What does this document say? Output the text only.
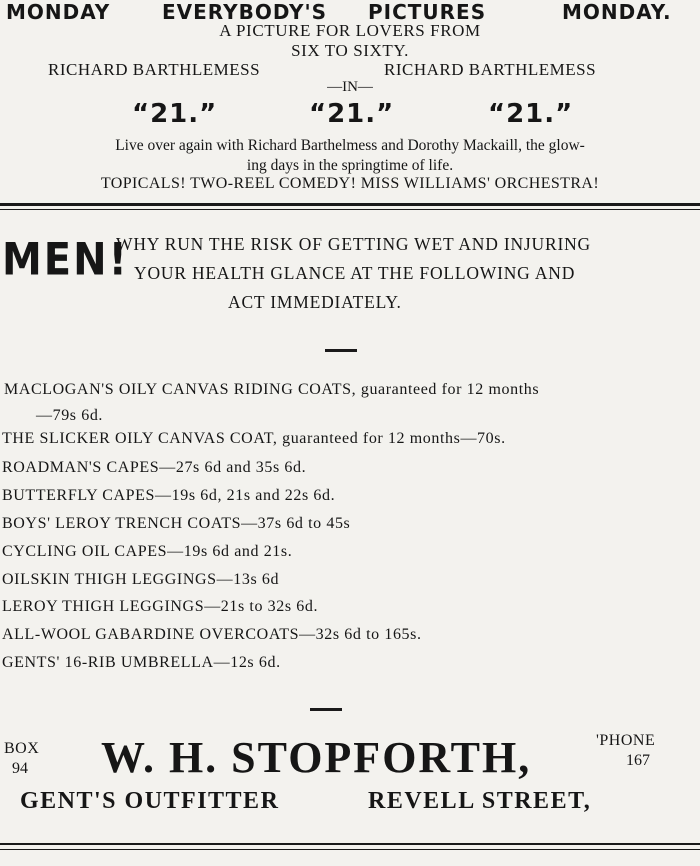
MONDAY	EVERYBODY'S PICTURES	MONDAY.
A PICTURE FOR LOVERS FROM
SIX TO SIXTY.
RICHARD BARTHLEMESS	RICHARD BARTHLEMESS
—IN—
“21.”	“21.”	“21.”
Live over again with Richard Barthelmess and Dorothy Mackaill, the glow-
ing days in the springtime of life.
TOPICALS! TWO-REEL COMEDY! MISS WILLIAMS' ORCHESTRA!
MEN!
WHY RUN THE RISK OF GETTING WET AND INJURING
YOUR HEALTH GLANCE AT THE FOLLOWING AND
ACT IMMEDIATELY.
MACLOGAN'S OILY CANVAS RIDING COATS, guaranteed for 12 months
—79s 6d.
THE SLICKER OILY CANVAS COAT, guaranteed for 12 months—70s.
ROADMAN'S CAPES—27s 6d and 35s 6d.
BUTTERFLY CAPES—19s 6d, 21s and 22s 6d.
BOYS' LEROY TRENCH COATS—37s 6d to 45s
CYCLING OIL CAPES—19s 6d and 21s.
OILSKIN THIGH LEGGINGS—13s 6d
LEROY THIGH LEGGINGS—21s to 32s 6d.
ALL-WOOL GABARDINE OVERCOATS—32s 6d to 165s.
GENTS' 16-RIB UMBRELLA—12s 6d.
BOX
94 W. H. STOPFORTH,	'PHONE
167
GENT'S OUTFITTER	REVELL STREET,
